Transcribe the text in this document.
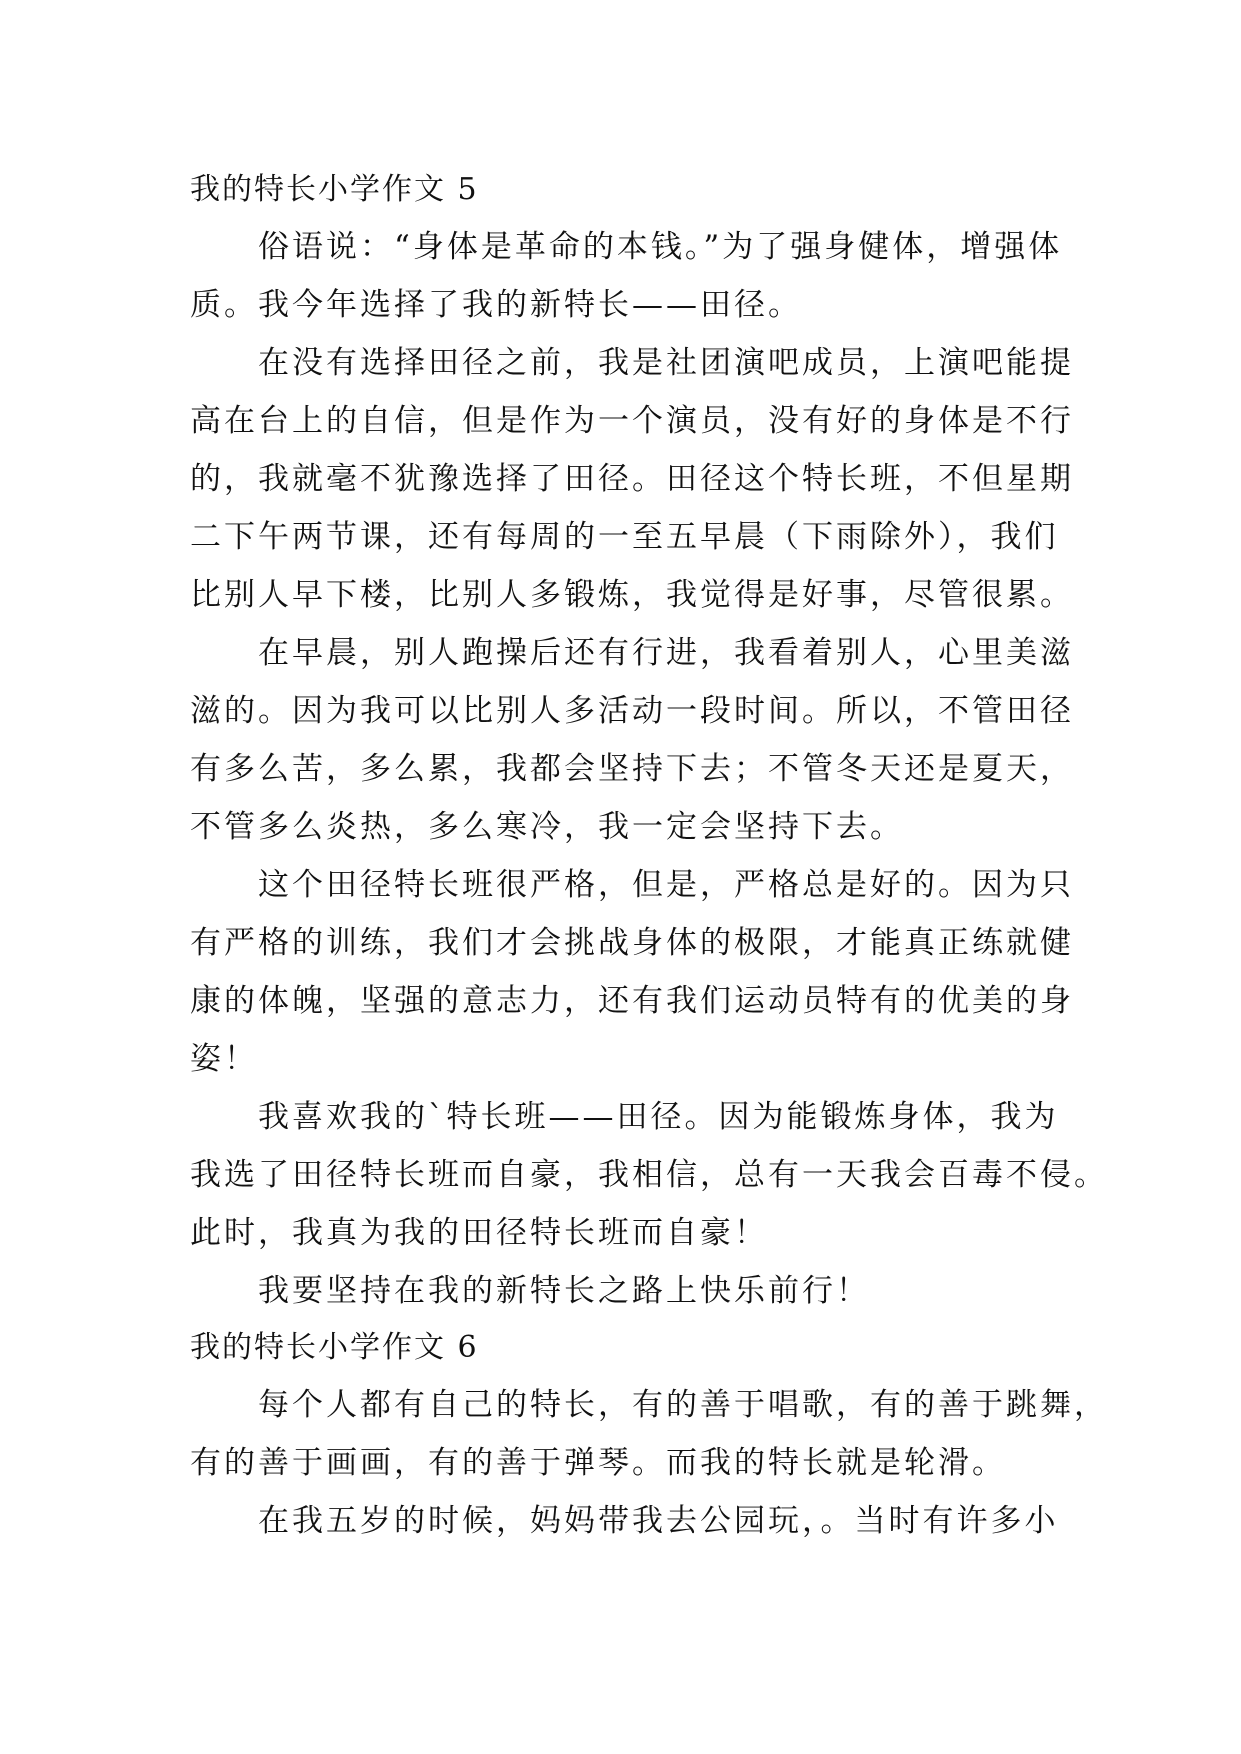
我的特长小学作文 5
俗语说：“身体是革命的本钱。”为了强身健体，增强体
质。我今年选择了我的新特长——田径。
在没有选择田径之前，我是社团演吧成员，上演吧能提
高在台上的自信，但是作为一个演员，没有好的身体是不行
的，我就毫不犹豫选择了田径。田径这个特长班，不但星期
二下午两节课，还有每周的一至五早晨（下雨除外），我们
比别人早下楼，比别人多锻炼，我觉得是好事，尽管很累。
在早晨，别人跑操后还有行进，我看着别人，心里美滋
滋的。因为我可以比别人多活动一段时间。所以，不管田径
有多么苦，多么累，我都会坚持下去；不管冬天还是夏天，
不管多么炎热，多么寒冷，我一定会坚持下去。
这个田径特长班很严格，但是，严格总是好的。因为只
有严格的训练，我们才会挑战身体的极限，才能真正练就健
康的体魄，坚强的意志力，还有我们运动员特有的优美的身
姿！
我喜欢我的`特长班——田径。因为能锻炼身体，我为
我选了田径特长班而自豪，我相信，总有一天我会百毒不侵。
此时，我真为我的田径特长班而自豪！
我要坚持在我的新特长之路上快乐前行！
我的特长小学作文 6
每个人都有自己的特长，有的善于唱歌，有的善于跳舞，
有的善于画画，有的善于弹琴。而我的特长就是轮滑。
在我五岁的时候，妈妈带我去公园玩，。当时有许多小
